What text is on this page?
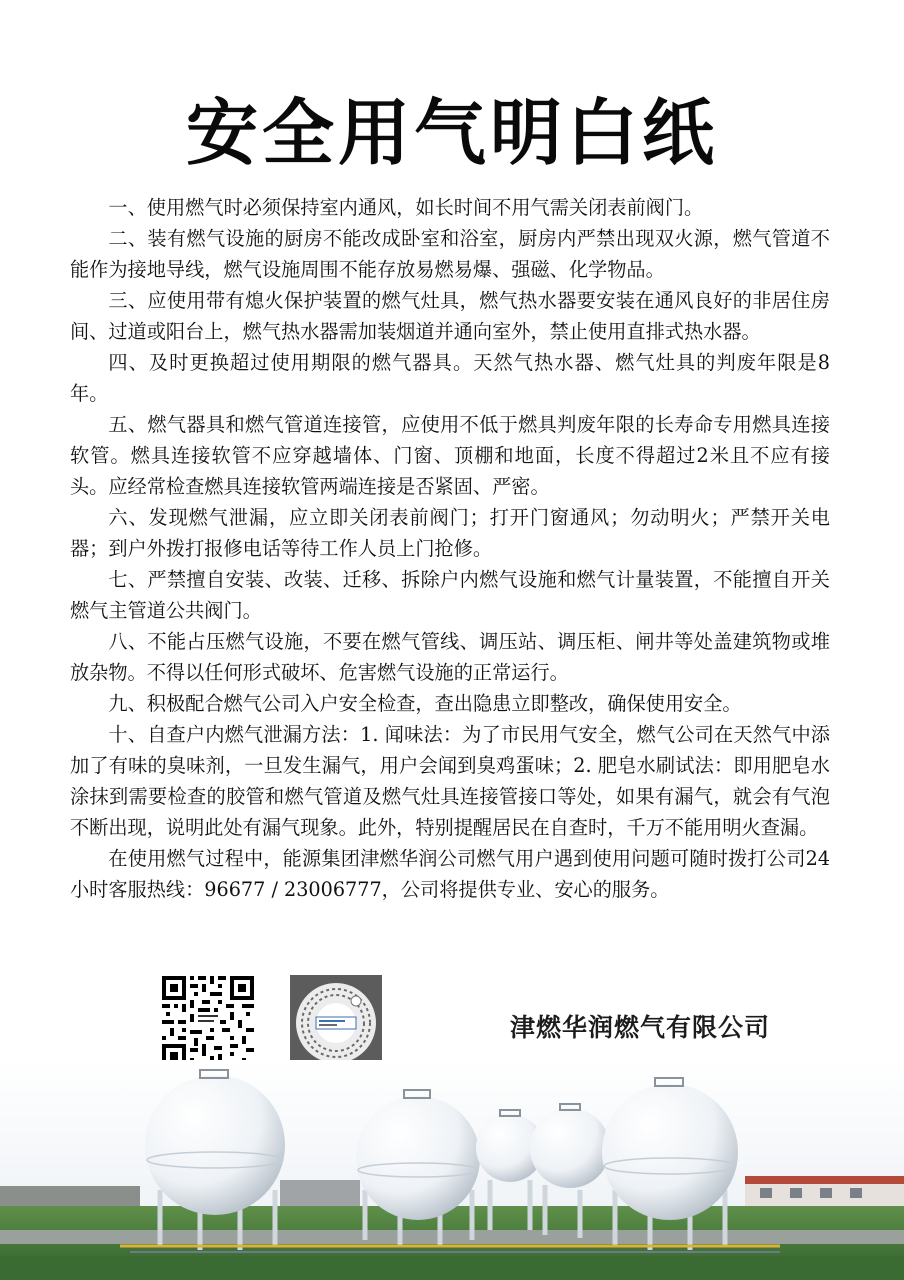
安全用气明白纸

一、使用燃气时必须保持室内通风，如长时间不用气需关闭表前阀门。

二、装有燃气设施的厨房不能改成卧室和浴室，厨房内严禁出现双火源，燃气管道不能作为接地导线，燃气设施周围不能存放易燃易爆、强磁、化学物品。

三、应使用带有熄火保护装置的燃气灶具，燃气热水器要安装在通风良好的非居住房间、过道或阳台上，燃气热水器需加装烟道并通向室外，禁止使用直排式热水器。

四、及时更换超过使用期限的燃气器具。天然气热水器、燃气灶具的判废年限是8年。

五、燃气器具和燃气管道连接管，应使用不低于燃具判废年限的长寿命专用燃具连接软管。燃具连接软管不应穿越墙体、门窗、顶棚和地面，长度不得超过2米且不应有接头。应经常检查燃具连接软管两端连接是否紧固、严密。

六、发现燃气泄漏，应立即关闭表前阀门；打开门窗通风；勿动明火；严禁开关电器；到户外拨打报修电话等待工作人员上门抢修。

七、严禁擅自安装、改装、迁移、拆除户内燃气设施和燃气计量装置，不能擅自开关燃气主管道公共阀门。

八、不能占压燃气设施，不要在燃气管线、调压站、调压柜、闸井等处盖建筑物或堆放杂物。不得以任何形式破坏、危害燃气设施的正常运行。

九、积极配合燃气公司入户安全检查，查出隐患立即整改，确保使用安全。

十、自查户内燃气泄漏方法：1. 闻味法：为了市民用气安全，燃气公司在天然气中添加了有味的臭味剂，一旦发生漏气，用户会闻到臭鸡蛋味；2. 肥皂水刷试法：即用肥皂水涂抹到需要检查的胶管和燃气管道及燃气灶具连接管接口等处，如果有漏气，就会有气泡不断出现，说明此处有漏气现象。此外，特别提醒居民在自查时，千万不能用明火查漏。

在使用燃气过程中，能源集团津燃华润公司燃气用户遇到使用问题可随时拨打公司24小时客服热线：96677 / 23006777，公司将提供专业、安心的服务。

津燃华润燃气有限公司
